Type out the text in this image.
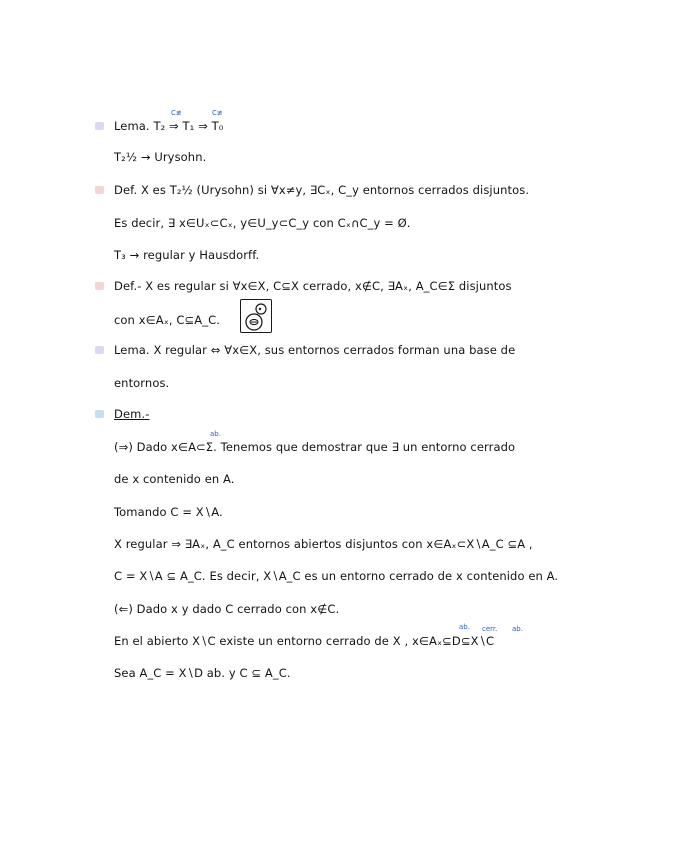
C≢	C≢
Lema. T₂ ⇒ T₁ ⇒ T₀
T₂½ → Urysohn.
Def. X es T₂½ (Urysohn) si ∀x≠y, ∃Cₓ, C_y entornos cerrados disjuntos.
Es decir, ∃ x∈Uₓ⊂Cₓ, y∈U_y⊂C_y con Cₓ∩C_y = Ø.
T₃ → regular y Hausdorff.
Def.- X es regular si ∀x∈X, C⊆X cerrado, x∉C, ∃Aₓ, A_C∈Σ disjuntos
con x∈Aₓ, C⊆A_C.
Lema. X regular ⇔ ∀x∈X, sus entornos cerrados forman una base de
entornos.
Dem.-
ab.
(⇒) Dado x∈A⊂Σ. Tenemos que demostrar que ∃ un entorno cerrado
de x contenido en A.
Tomando C = X∖A.
X regular ⇒ ∃Aₓ, A_C entornos abiertos disjuntos con x∈Aₓ⊂X∖A_C ⊆A ,
C = X∖A ⊆ A_C. Es decir, X∖A_C es un entorno cerrado de x contenido en A.
(⇐) Dado x y dado C cerrado con x∉C.
ab. cerr. ab.
En el abierto X∖C existe un entorno cerrado de X , x∈Aₓ⊆D⊆X∖C
Sea A_C = X∖D ab. y C ⊆ A_C.
